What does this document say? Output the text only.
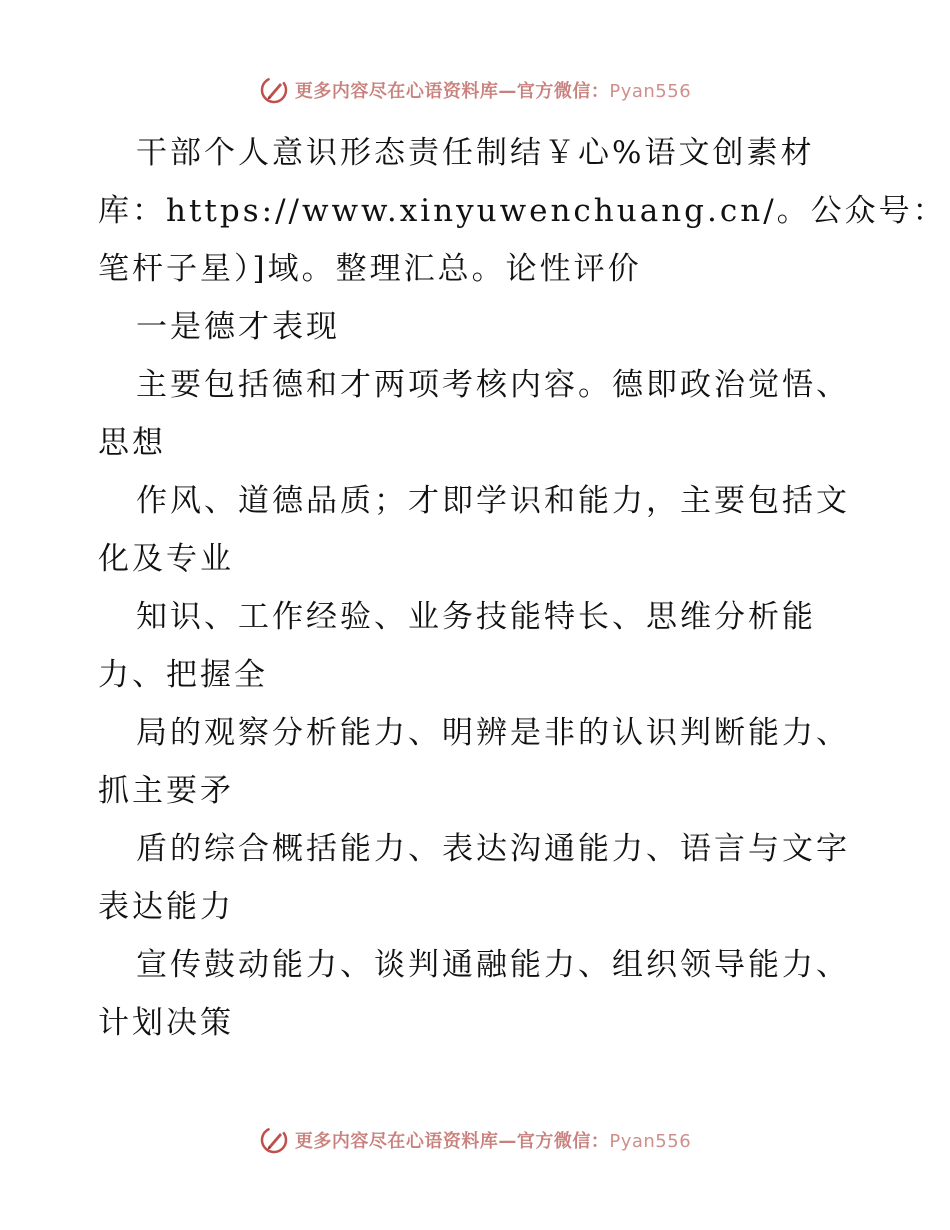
更多内容尽在心语资料库—官方微信：Pyan556
干部个人意识形态责任制结￥心%语文创素材
库：https://www.xinyuwenchuang.cn/。公众号：
笔杆子星）]域。整理汇总。论性评价
一是德才表现
主要包括德和才两项考核内容。德即政治觉悟、
思想
作风、道德品质；才即学识和能力，主要包括文
化及专业
知识、工作经验、业务技能特长、思维分析能
力、把握全
局的观察分析能力、明辨是非的认识判断能力、
抓主要矛
盾的综合概括能力、表达沟通能力、语言与文字
表达能力
宣传鼓动能力、谈判通融能力、组织领导能力、
计划决策
更多内容尽在心语资料库—官方微信：Pyan556
